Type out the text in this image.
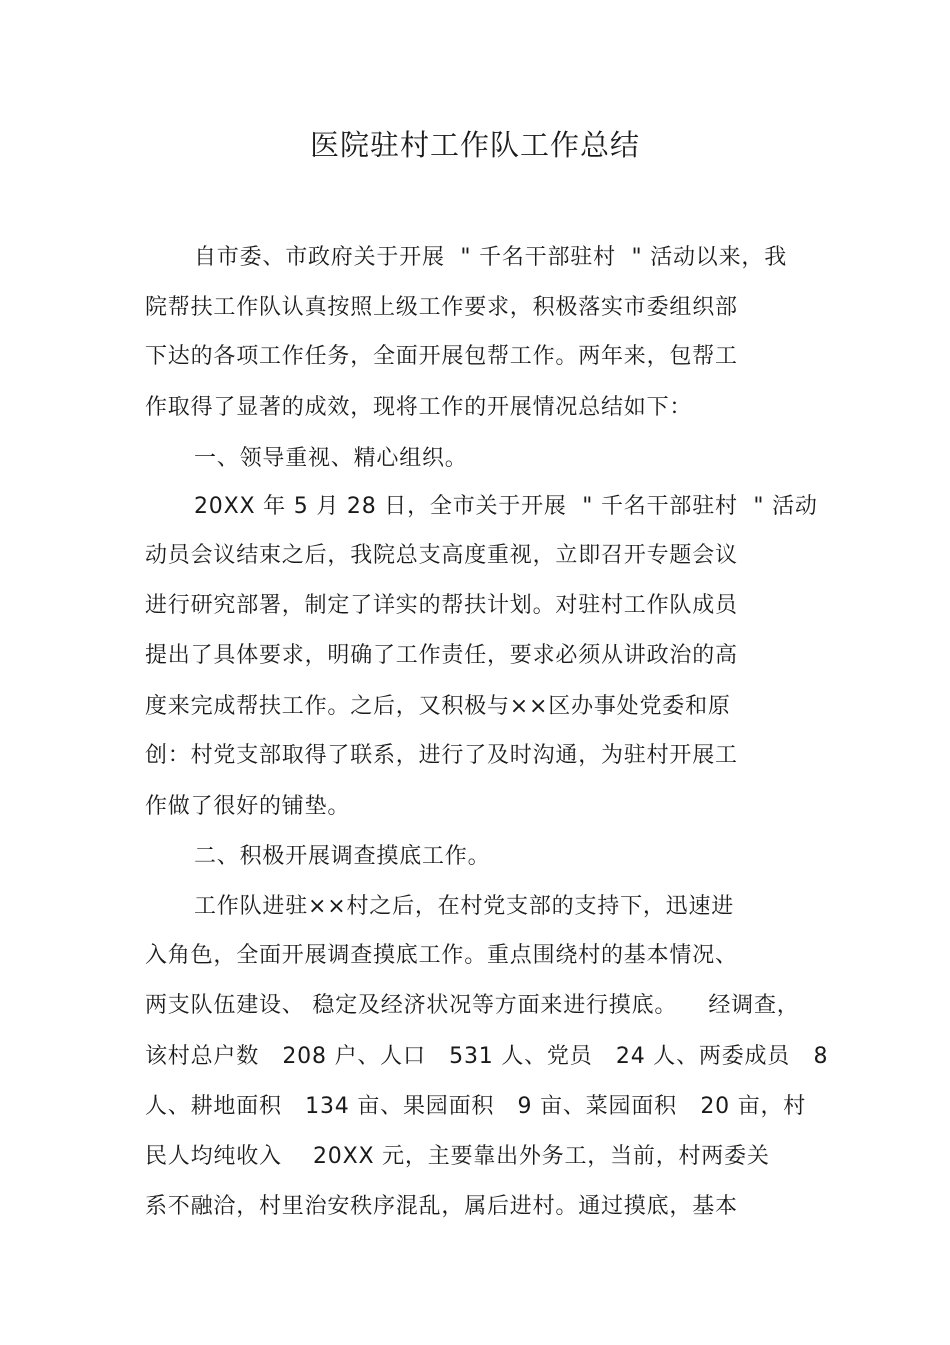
医院驻村工作队工作总结
自市委、市政府关于开展  " 千名干部驻村  " 活动以来，我
院帮扶工作队认真按照上级工作要求，积极落实市委组织部
下达的各项工作任务，全面开展包帮工作。两年来，包帮工
作取得了显著的成效，现将工作的开展情况总结如下：
一、领导重视、精心组织。
20XX 年 5 月 28 日，全市关于开展  " 千名干部驻村  " 活动
动员会议结束之后，我院总支高度重视，立即召开专题会议
进行研究部署，制定了详实的帮扶计划。对驻村工作队成员
提出了具体要求，明确了工作责任，要求必须从讲政治的高
度来完成帮扶工作。之后，又积极与××区办事处党委和原
创：村党支部取得了联系，进行了及时沟通，为驻村开展工
作做了很好的铺垫。
二、积极开展调查摸底工作。
工作队进驻××村之后，在村党支部的支持下，迅速进
入角色，全面开展调查摸底工作。重点围绕村的基本情况、
两支队伍建设、 稳定及经济状况等方面来进行摸底。    经调查，
该村总户数   208 户、人口   531 人、党员   24 人、两委成员   8
人、耕地面积   134 亩、果园面积   9 亩、菜园面积   20 亩，村
民人均纯收入    20XX 元，主要靠出外务工，当前，村两委关
系不融洽，村里治安秩序混乱，属后进村。通过摸底，基本
